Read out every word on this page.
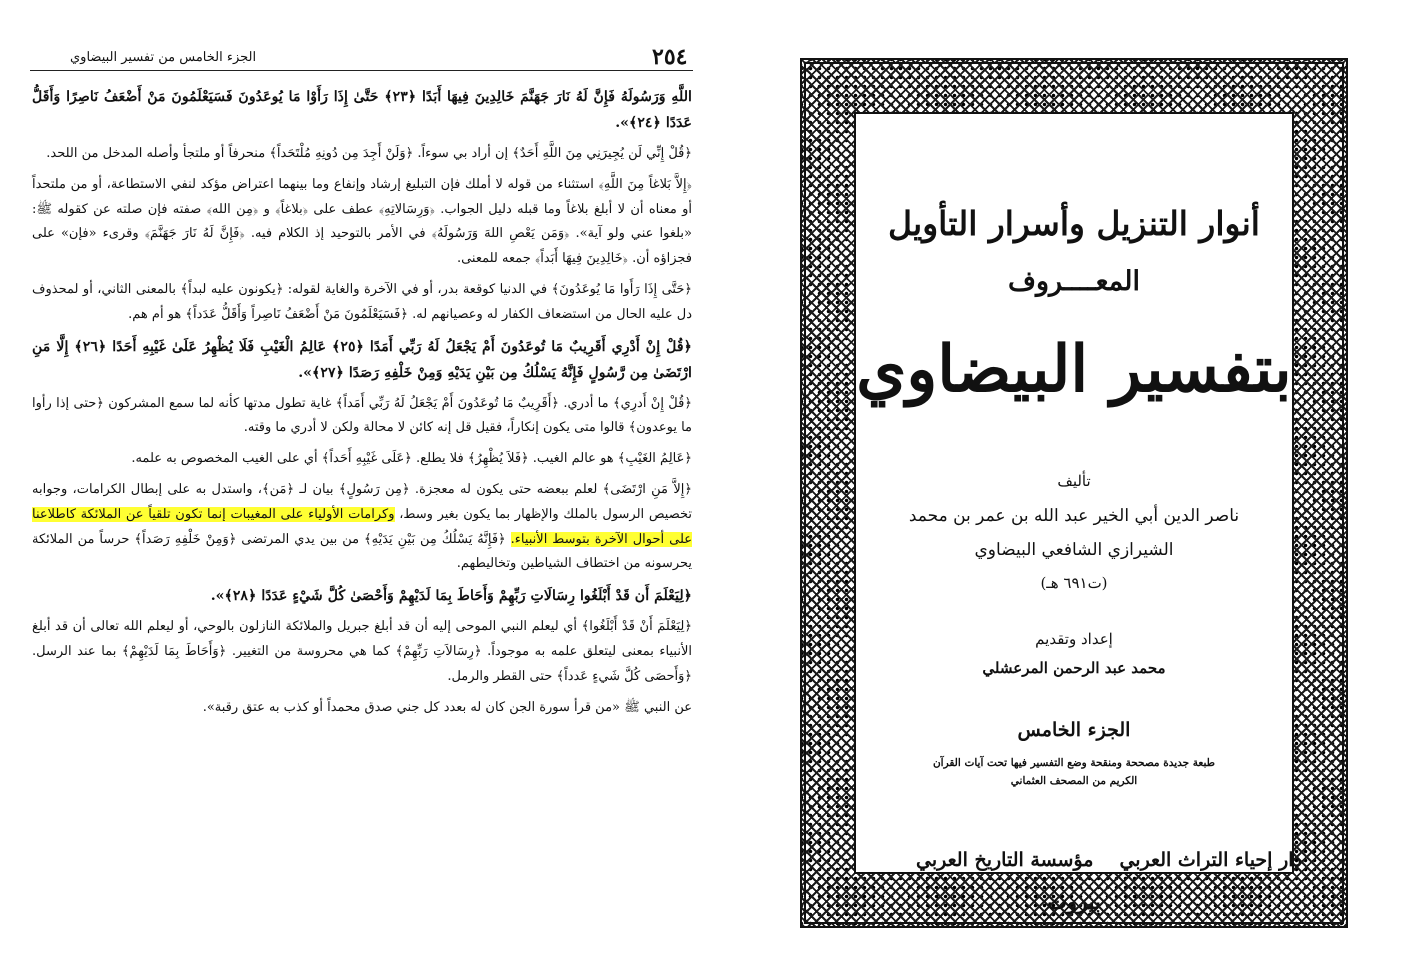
٢٥٤
الجزء الخامس من تفسير البيضاوي

اللَّهِ وَرَسُولَهُ فَإِنَّ لَهُ نَارَ جَهَنَّمَ خَالِدِينَ فِيهَا أَبَدًا ﴿٢٣﴾ حَتَّىٰ إِذَا رَأَوْا مَا يُوعَدُونَ فَسَيَعْلَمُونَ مَنْ أَضْعَفُ نَاصِرًا وَأَقَلُّ عَدَدًا ﴿٢٤﴾».

﴿قُلْ إِنِّي لَن يُجِيرَنِي مِنَ اللَّهِ أَحَدٌ﴾ إن أراد بي سوءاً. ﴿وَلَنْ أَجِدَ مِن دُونِهِ مُلْتَحَداً﴾ منحرفاً أو ملتجأ وأصله المدخل من اللحد.

﴿إِلاَّ بَلاغاً مِنَ اللَّهِ﴾ استثناء من قوله لا أملك فإن التبليغ إرشاد وإنفاع وما بينهما اعتراض مؤكد لنفي الاستطاعة، أو من ملتحداً أو معناه أن لا أبلغ بلاغاً وما قبله دليل الجواب. ﴿وَرِسَالاتِهِ﴾ عطف على ﴿بلاغاً﴾ و ﴿مِن الله﴾ صفته فإن صلته عن كقوله ﷺ: «بلغوا عني ولو آية». ﴿وَمَن يَعْصِ اللهَ وَرَسُولَهُ﴾ في الأمر بالتوحيد إذ الكلام فيه. ﴿فَإِنَّ لَهُ نَارَ جَهَنَّمَ﴾ وقرىء «فإن» على فجزاؤه أن. ﴿خَالِدِينَ فِيهَا أَبَداً﴾ جمعه للمعنى.

﴿حَتَّى إِذَا رَأَوا مَا يُوعَدُونَ﴾ في الدنيا كوقعة بدر، أو في الآخرة والغاية لقوله: ﴿يكونون عليه لبداً﴾ بالمعنى الثاني، أو لمحذوف دل عليه الحال من استضعاف الكفار له وعصيانهم له. ﴿فَسَيَعْلَمُونَ مَنْ أَضْعَفُ نَاصِراً وَأَقَلُّ عَدَداً﴾ هو أم هم.

﴿قُلْ إِنْ أَدْرِي أَقَرِيبٌ مَا تُوعَدُونَ أَمْ يَجْعَلُ لَهُ رَبِّي أَمَدًا ﴿٢٥﴾ عَالِمُ الْغَيْبِ فَلَا يُظْهِرُ عَلَىٰ غَيْبِهِ أَحَدًا ﴿٢٦﴾ إِلَّا مَنِ ارْتَضَىٰ مِن رَّسُولٍ فَإِنَّهُ يَسْلُكُ مِن بَيْنِ يَدَيْهِ وَمِنْ خَلْفِهِ رَصَدًا ﴿٢٧﴾».

﴿قُلْ إِنْ أَدرِي﴾ ما أدري. ﴿أَقَرِيبٌ مَا تُوعَدُونَ أَمْ يَجْعَلُ لَهُ رَبِّي أَمَداً﴾ غاية تطول مدتها كأنه لما سمع المشركون ﴿حتى إذا رأوا ما يوعدون﴾ قالوا متى يكون إنكاراً، فقيل قل إنه كائن لا محالة ولكن لا أدري ما وقته.

﴿عَالِمُ الغَيْبِ﴾ هو عالم الغيب. ﴿فَلاَ يُظْهِرُ﴾ فلا يطلع. ﴿عَلَى غَيْبِهِ أَحَداً﴾ أي على الغيب المخصوص به علمه.

﴿إِلاَّ مَنِ ارْتَضَى﴾ لعلم ببعضه حتى يكون له معجزة. ﴿مِن رَسُولٍ﴾ بيان لـ ﴿مَن﴾، واستدل به على إبطال الكرامات، وجوابه تخصيص الرسول بالملك والإظهار بما يكون بغير وسط، وكرامات الأولياء على المغيبات إنما تكون تلقياً عن الملائكة كاطلاعنا على أحوال الآخرة بتوسط الأنبياء. ﴿فَإِنَّهُ يَسْلُكُ مِن بَيْنِ يَدَيْهِ﴾ من بين يدي المرتضى ﴿وَمِنْ خَلْفِهِ رَصَداً﴾ حرساً من الملائكة يحرسونه من اختطاف الشياطين وتخاليطهم.

﴿لِيَعْلَمَ أَن قَدْ أَبْلَغُوا رِسَالَاتِ رَبِّهِمْ وَأَحَاطَ بِمَا لَدَيْهِمْ وَأَحْصَىٰ كُلَّ شَيْءٍ عَدَدًا ﴿٢٨﴾».

﴿لِيَعْلَمَ أَنْ قَدْ أَبْلَغُوا﴾ أي ليعلم النبي الموحى إليه أن قد أبلغ جبريل والملائكة النازلون بالوحي، أو ليعلم الله تعالى أن قد أبلغ الأنبياء بمعنى ليتعلق علمه به موجوداً. ﴿رِسَالاَتِ رَبِّهِمْ﴾ كما هي محروسة من التغيير. ﴿وَأَحَاطَ بِمَا لَدَيْهِمْ﴾ بما عند الرسل. ﴿وَأَحصَى كُلَّ شَيءٍ عَدداً﴾ حتى القطر والرمل.

عن النبي ﷺ «من قرأ سورة الجن كان له بعدد كل جني صدق محمداً أو كذب به عتق رقبة».

أنوار التنزيل وأسرار التأويل
المعــــروف
بتفسير البيضاوي
تأليف
ناصر الدين أبي الخير عبد الله بن عمر بن محمد
الشيرازي الشافعي البيضاوي
(ت٦٩١ هـ)
إعداد وتقديم
محمد عبد الرحمن المرعشلي
الجزء الخامس
طبعة جديدة مصححة ومنقحة وضع التفسير فيها تحت آيات القرآن
الكريم من المصحف العثماني
دار إحياء التراث العربي
مؤسسة التاريخ العربي
بيروت
